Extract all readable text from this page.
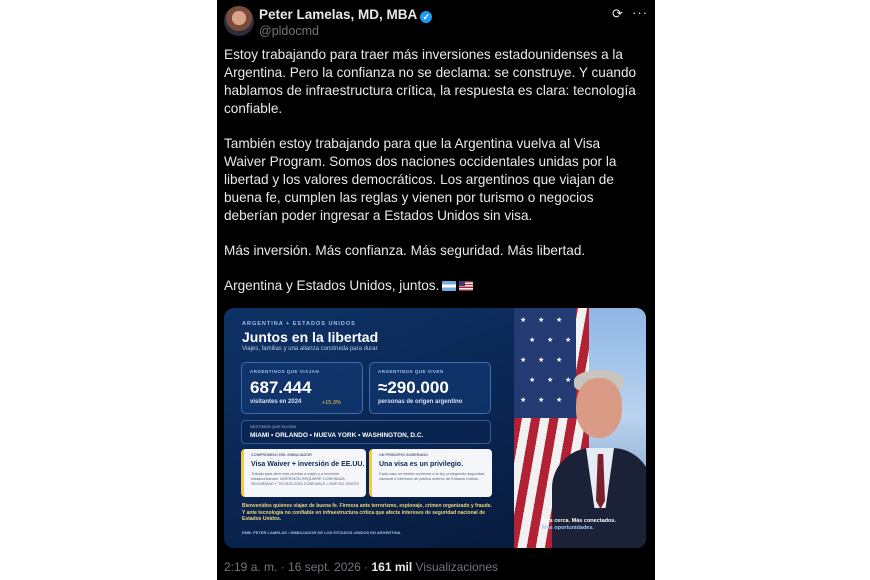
Peter Lamelas, MD, MBA ✓
@pldocmd
⟳ ···

Estoy trabajando para traer más inversiones estadounidenses a la Argentina. Pero la confianza no se declama: se construye. Y cuando hablamos de infraestructura crítica, la respuesta es clara: tecnología confiable.

También estoy trabajando para que la Argentina vuelva al Visa Waiver Program. Somos dos naciones occidentales unidas por la libertad y los valores democráticos. Los argentinos que viajan de buena fe, cumplen las reglas y vienen por turismo o negocios deberían poder ingresar a Estados Unidos sin visa.

Más inversión. Más confianza. Más seguridad. Más libertad.

Argentina y Estados Unidos, juntos.

ARGENTINA + ESTADOS UNIDOS
Juntos en la libertad
Viajes, familias y una alianza construida para durar
ARGENTINOS QUE VIAJAN
687.444
visitantes en 2024	+15,3%
ARGENTINOS QUE VIVEN
≈290.000
personas de origen argentino
DESTINOS QUE ELIGEN
MIAMI • ORLANDO • NUEVA YORK • WASHINGTON, D.C.
COMPROMISO DEL EMBAJADOR
Visa Waiver + inversión de EE.UU.
Trabajo para abrir más puertas a viajes y a inversión estadounidense. INVERSIÓN REQUIERE CONFIANZA, SEGURIDAD Y TECNOLOGÍA CONFIABLE • VWP NO GRATIS
UN PRINCIPIO SOBERANO
Una visa es un privilegio.
Cada caso se decide conforme a la ley, protegiendo seguridad nacional e intereses de política exterior de Estados Unidos.
Bienvenidos quienes viajan de buena fe. Firmeza ante terrorismo, espionaje, crimen organizado y fraude. Y ante tecnología no confiable en infraestructura crítica que afecte intereses de seguridad nacional de Estados Unidos.
EMB. PETER LAMELAS • EMBAJADOR DE LOS ESTADOS UNIDOS EN ARGENTINA
★ ★ ★
★ ★ ★
★ ★ ★
★ ★ ★
★ ★ ★
Más cerca. Más conectados.
Más oportunidades.
2:19 a. m. · 16 sept. 2026 · 161 mil Visualizaciones
